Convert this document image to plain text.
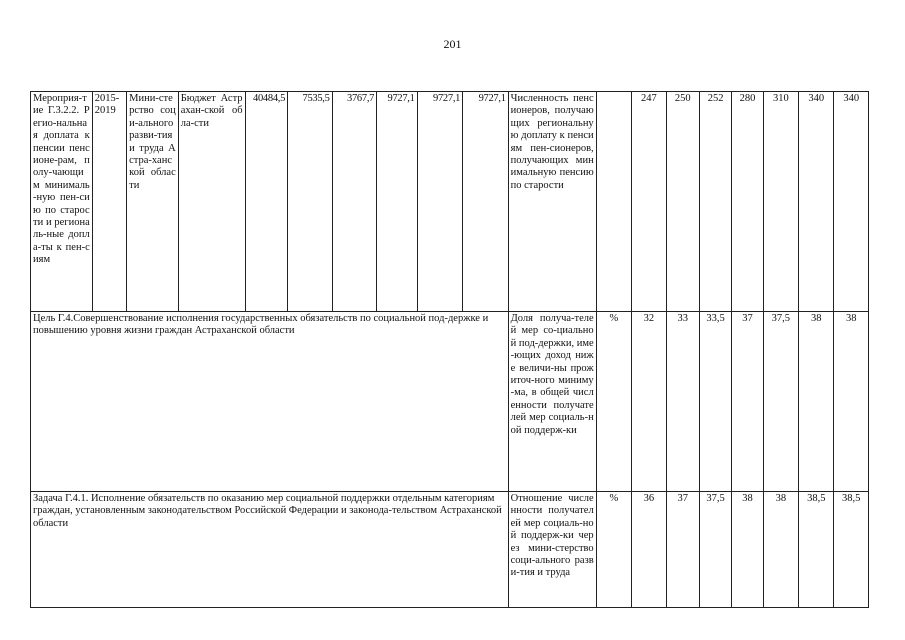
201
Мероприя-тие Г.3.2.2. Регио-нальная доплата к пенсии пенсионе-рам, полу-чающим минималь-ную пен-сию по старости и региональ-ные допла-ты к пен-сиям	2015-2019	Мини-стерство соци-ального разви-тия и труда Астра-ханской области	Бюджет Астрахан-ской обла-сти	40484,5	7535,5	3767,7	9727,1	9727,1	9727,1	Численность пенсионеров, получающих региональную доплату к пенсиям пен-сионеров, получающих минимальную пенсию по старости		247	250	252	280	310	340	340
Цель Г.4.Совершенствование исполнения государственных обязательств по социальной под-держке и повышению уровня жизни граждан Астраханской области										Доля получа-телей мер со-циальной под-держки, име-ющих доход ниже величи-ны прожиточ-ного миниму-ма, в общей численности получателей мер социаль-ной поддерж-ки	%	32	33	33,5	37	37,5	38	38
Задача Г.4.1. Исполнение обязательств по оказанию мер социальной поддержки отдельным категориям граждан, установленным законодательством Российской Федерации и законода-тельством Астраханской области										Отношение численности получателей мер социаль-ной поддерж-ки через мини-стерство соци-ального разви-тия и труда	%	36	37	37,5	38	38	38,5	38,5
